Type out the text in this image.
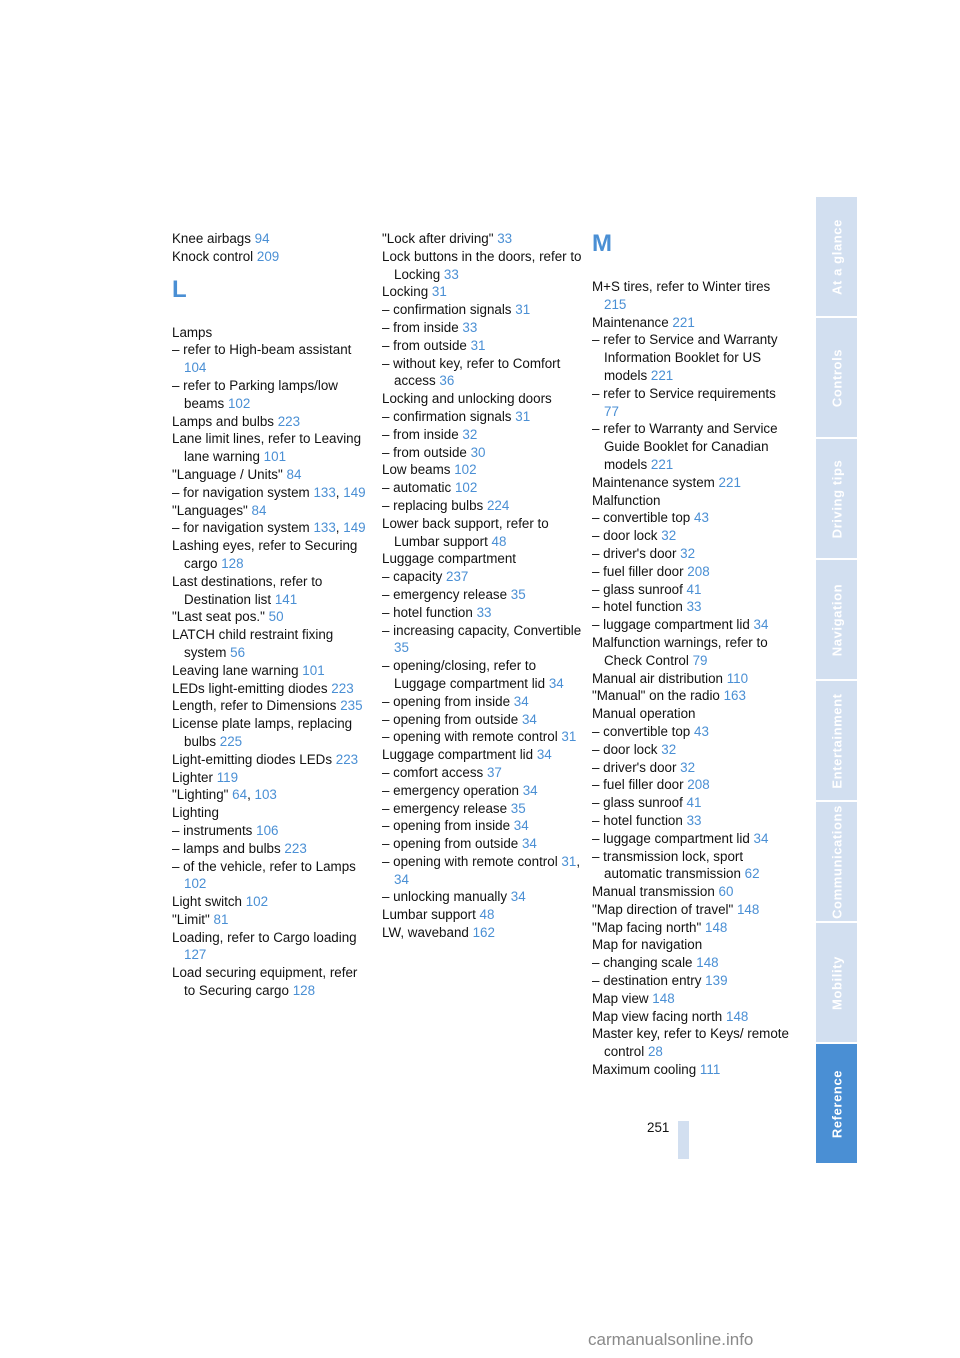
Knee airbags 94

Knock control 209

L

Lamps

– refer to High-beam assistant 104

– refer to Parking lamps/low beams 102

Lamps and bulbs 223

Lane limit lines, refer to Leaving lane warning 101

"Language / Units" 84

– for navigation system 133, 149

"Languages" 84

– for navigation system 133, 149

Lashing eyes, refer to Securing cargo 128

Last destinations, refer to Destination list 141

"Last seat pos." 50

LATCH child restraint fixing system 56

Leaving lane warning 101

LEDs light-emitting diodes 223

Length, refer to Dimensions 235

License plate lamps, replacing bulbs 225

Light-emitting diodes LEDs 223

Lighter 119

"Lighting" 64, 103

Lighting

– instruments 106

– lamps and bulbs 223

– of the vehicle, refer to Lamps 102

Light switch 102

"Limit" 81

Loading, refer to Cargo loading 127

Load securing equipment, refer to Securing cargo 128

"Lock after driving" 33

Lock buttons in the doors, refer to Locking 33

Locking 31

– confirmation signals 31

– from inside 33

– from outside 31

– without key, refer to Comfort access 36

Locking and unlocking doors

– confirmation signals 31

– from inside 32

– from outside 30

Low beams 102

– automatic 102

– replacing bulbs 224

Lower back support, refer to Lumbar support 48

Luggage compartment

– capacity 237

– emergency release 35

– hotel function 33

– increasing capacity, Convertible 35

– opening/closing, refer to Luggage compartment lid 34

– opening from inside 34

– opening from outside 34

– opening with remote control 31

Luggage compartment lid 34

– comfort access 37

– emergency operation 34

– emergency release 35

– opening from inside 34

– opening from outside 34

– opening with remote control 31, 34

– unlocking manually 34

Lumbar support 48

LW, waveband 162

M

M+S tires, refer to Winter tires 215

Maintenance 221

– refer to Service and Warranty Information Booklet for US models 221

– refer to Service requirements 77

– refer to Warranty and Service Guide Booklet for Canadian models 221

Maintenance system 221

Malfunction

– convertible top 43

– door lock 32

– driver's door 32

– fuel filler door 208

– glass sunroof 41

– hotel function 33

– luggage compartment lid 34

Malfunction warnings, refer to Check Control 79

Manual air distribution 110

"Manual" on the radio 163

Manual operation

– convertible top 43

– door lock 32

– driver's door 32

– fuel filler door 208

– glass sunroof 41

– hotel function 33

– luggage compartment lid 34

– transmission lock, sport automatic transmission 62

Manual transmission 60

"Map direction of travel" 148

"Map facing north" 148

Map for navigation

– changing scale 148

– destination entry 139

Map view 148

Map view facing north 148

Master key, refer to Keys/ remote control 28

Maximum cooling 111

At a glance
Controls
Driving tips
Navigation
Entertainment
Communications
Mobility
Reference
251
carmanualsonline.info
